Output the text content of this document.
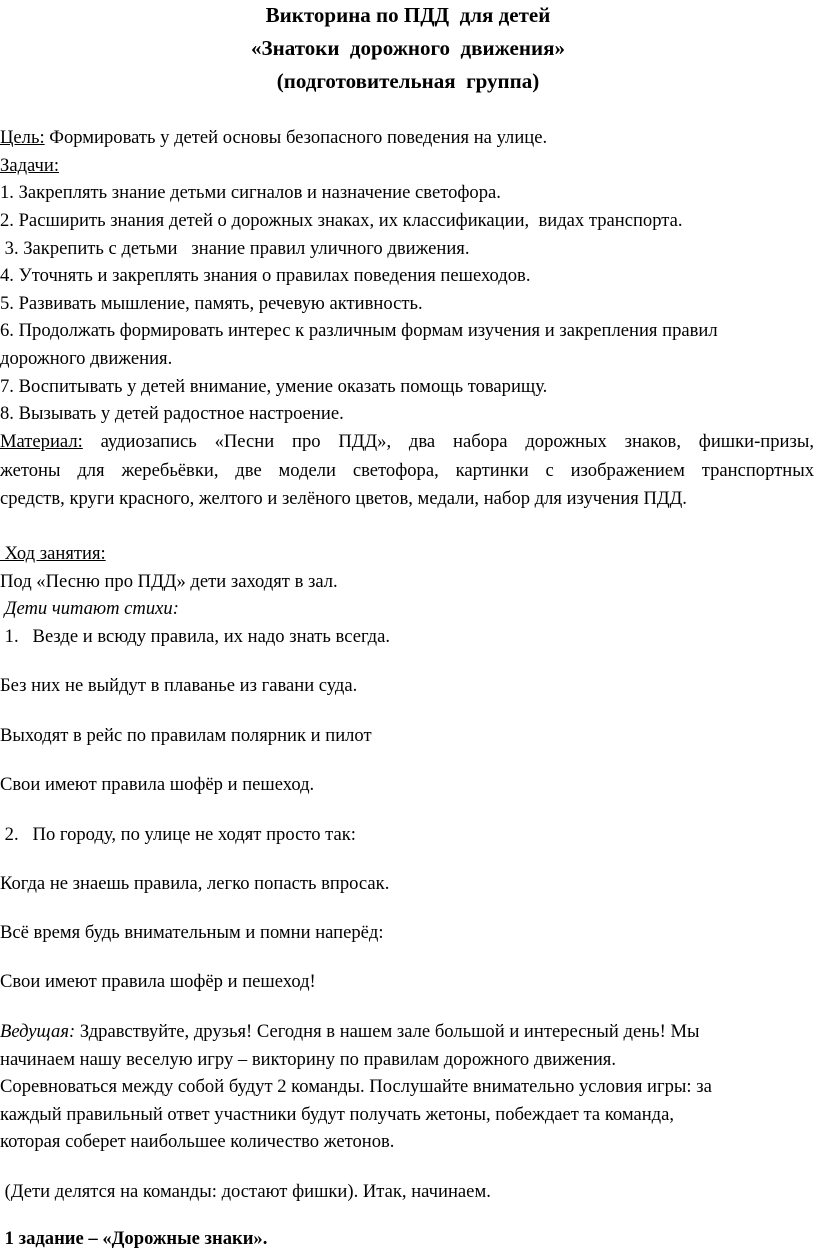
Викторина по ПДД  для детей
«Знатоки  дорожного  движения»
(подготовительная  группа)
Цель: Формировать у детей основы безопасного поведения на улице.
Задачи:
1. Закреплять знание детьми сигналов и назначение светофора.
2. Расширить знания детей о дорожных знаках, их классификации,  видах транспорта.
3. Закрепить с детьми   знание правил уличного движения.
4. Уточнять и закреплять знания о правилах поведения пешеходов.
5. Развивать мышление, память, речевую активность.
6. Продолжать формировать интерес к различным формам изучения и закрепления правил
дорожного движения.
7. Воспитывать у детей внимание, умение оказать помощь товарищу.
8. Вызывать у детей радостное настроение.
Материал: аудиозапись «Песни про ПДД», два набора дорожных знаков, фишки-призы,
жетоны для жеребьёвки, две модели светофора, картинки с изображением транспортных
средств, круги красного, желтого и зелёного цветов, медали, набор для изучения ПДД.
Ход занятия:
Под «Песню про ПДД» дети заходят в зал.
Дети читают стихи:
1.   Везде и всюду правила, их надо знать всегда.
Без них не выйдут в плаванье из гавани суда.
Выходят в рейс по правилам полярник и пилот
Свои имеют правила шофёр и пешеход.
2.   По городу, по улице не ходят просто так:
Когда не знаешь правила, легко попасть впросак.
Всё время будь внимательным и помни наперёд:
Свои имеют правила шофёр и пешеход!
Ведущая: Здравствуйте, друзья! Сегодня в нашем зале большой и интересный день! Мы
начинаем нашу веселую игру – викторину по правилам дорожного движения.
Соревноваться между собой будут 2 команды. Послушайте внимательно условия игры: за
каждый правильный ответ участники будут получать жетоны, побеждает та команда,
которая соберет наибольшее количество жетонов.
(Дети делятся на команды: достают фишки). Итак, начинаем.
1 задание – «Дорожные знаки».
